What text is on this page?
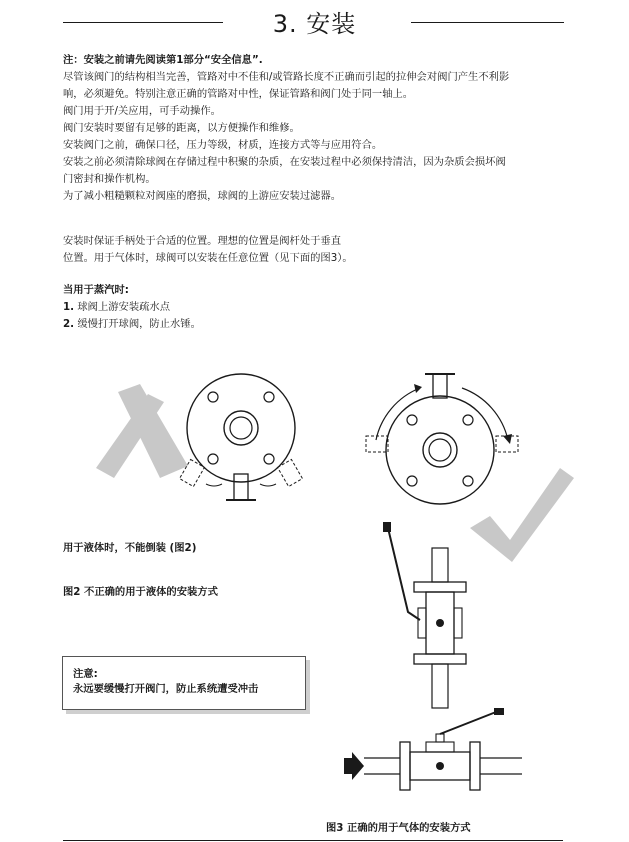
3. 安装

注：安装之前请先阅读第1部分“安全信息”.

尽管该阀门的结构相当完善，管路对中不佳和/或管路长度不正确而引起的拉伸会对阀门产生不利影

响，必须避免。特别注意正确的管路对中性，保证管路和阀门处于同一轴上。

阀门用于开/关应用，可手动操作。

阀门安装时要留有足够的距离，以方便操作和维修。

安装阀门之前，确保口径，压力等级，材质，连接方式等与应用符合。

安装之前必须清除球阀在存储过程中积聚的杂质，在安装过程中必须保持清洁，因为杂质会损坏阀

门密封和操作机构。

为了减小粗糙颗粒对阀座的磨损，球阀的上游应安装过滤器。

安装时保证手柄处于合适的位置。理想的位置是阀杆处于垂直

位置。用于气体时，球阀可以安装在任意位置（见下面的图3）。

当用于蒸汽时:

1. 球阀上游安装疏水点

2. 缓慢打开球阀，防止水锤。

用于液体时，不能倒装 (图2)
图2 不正确的用于液体的安装方式
注意:
永远要缓慢打开阀门，防止系统遭受冲击
图3 正确的用于气体的安装方式
